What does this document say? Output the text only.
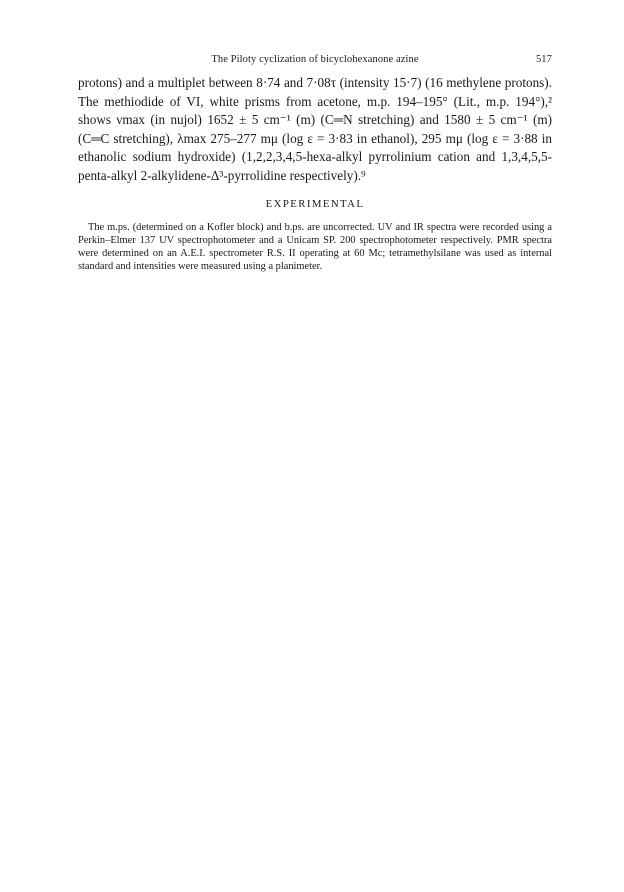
The Piloty cyclization of bicyclohexanone azine	517

protons) and a multiplet between 8·74 and 7·08τ (intensity 15·7) (16 methylene protons). The methiodide of VI, white prisms from acetone, m.p. 194–195° (Lit., m.p. 194°),² shows νmax (in nujol) 1652 ± 5 cm⁻¹ (m) (C═N stretching) and 1580 ± 5 cm⁻¹ (m) (C═C stretching), λmax 275–277 mμ (log ε = 3·83 in ethanol), 295 mμ (log ε = 3·88 in ethanolic sodium hydroxide) (1,2,2,3,4,5-hexa-alkyl pyrrolinium cation and 1,3,4,5,5-penta-alkyl 2-alkylidene-Δ³-pyrrolidine respectively).⁹

EXPERIMENTAL

The m.ps. (determined on a Kofler block) and b.ps. are uncorrected. UV and IR spectra were recorded using a Perkin–Elmer 137 UV spectrophotometer and a Unicam SP. 200 spectrophotometer respectively. PMR spectra were determined on an A.E.I. spectrometer R.S. II operating at 60 Mc; tetramethylsilane was used as internal standard and intensities were measured using a planimeter.
